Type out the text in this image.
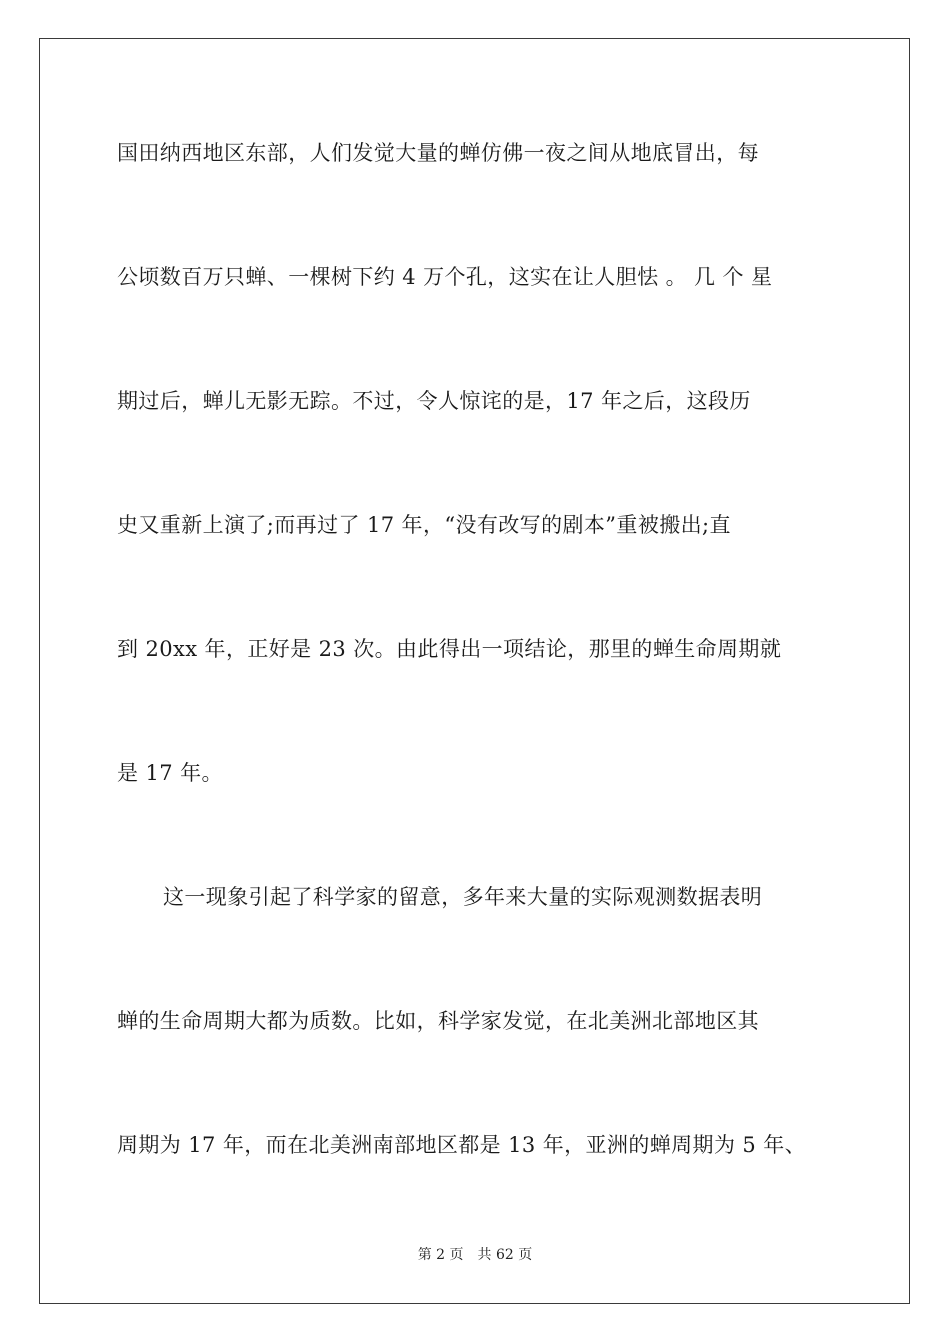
国田纳西地区东部，人们发觉大量的蝉仿佛一夜之间从地底冒出，每
公顷数百万只蝉、一棵树下约 4 万个孔，这实在让人胆怯 。 几 个 星
期过后，蝉儿无影无踪。不过，令人惊诧的是，17 年之后，这段历
史又重新上演了;而再过了 17 年，“没有改写的剧本”重被搬出;直
到 20xx 年，正好是 23 次。由此得出一项结论，那里的蝉生命周期就
是 17 年。
这一现象引起了科学家的留意，多年来大量的实际观测数据表明
蝉的生命周期大都为质数。比如，科学家发觉，在北美洲北部地区其
周期为 17 年，而在北美洲南部地区都是 13 年，亚洲的蝉周期为 5 年、
第 2 页 共 62 页
